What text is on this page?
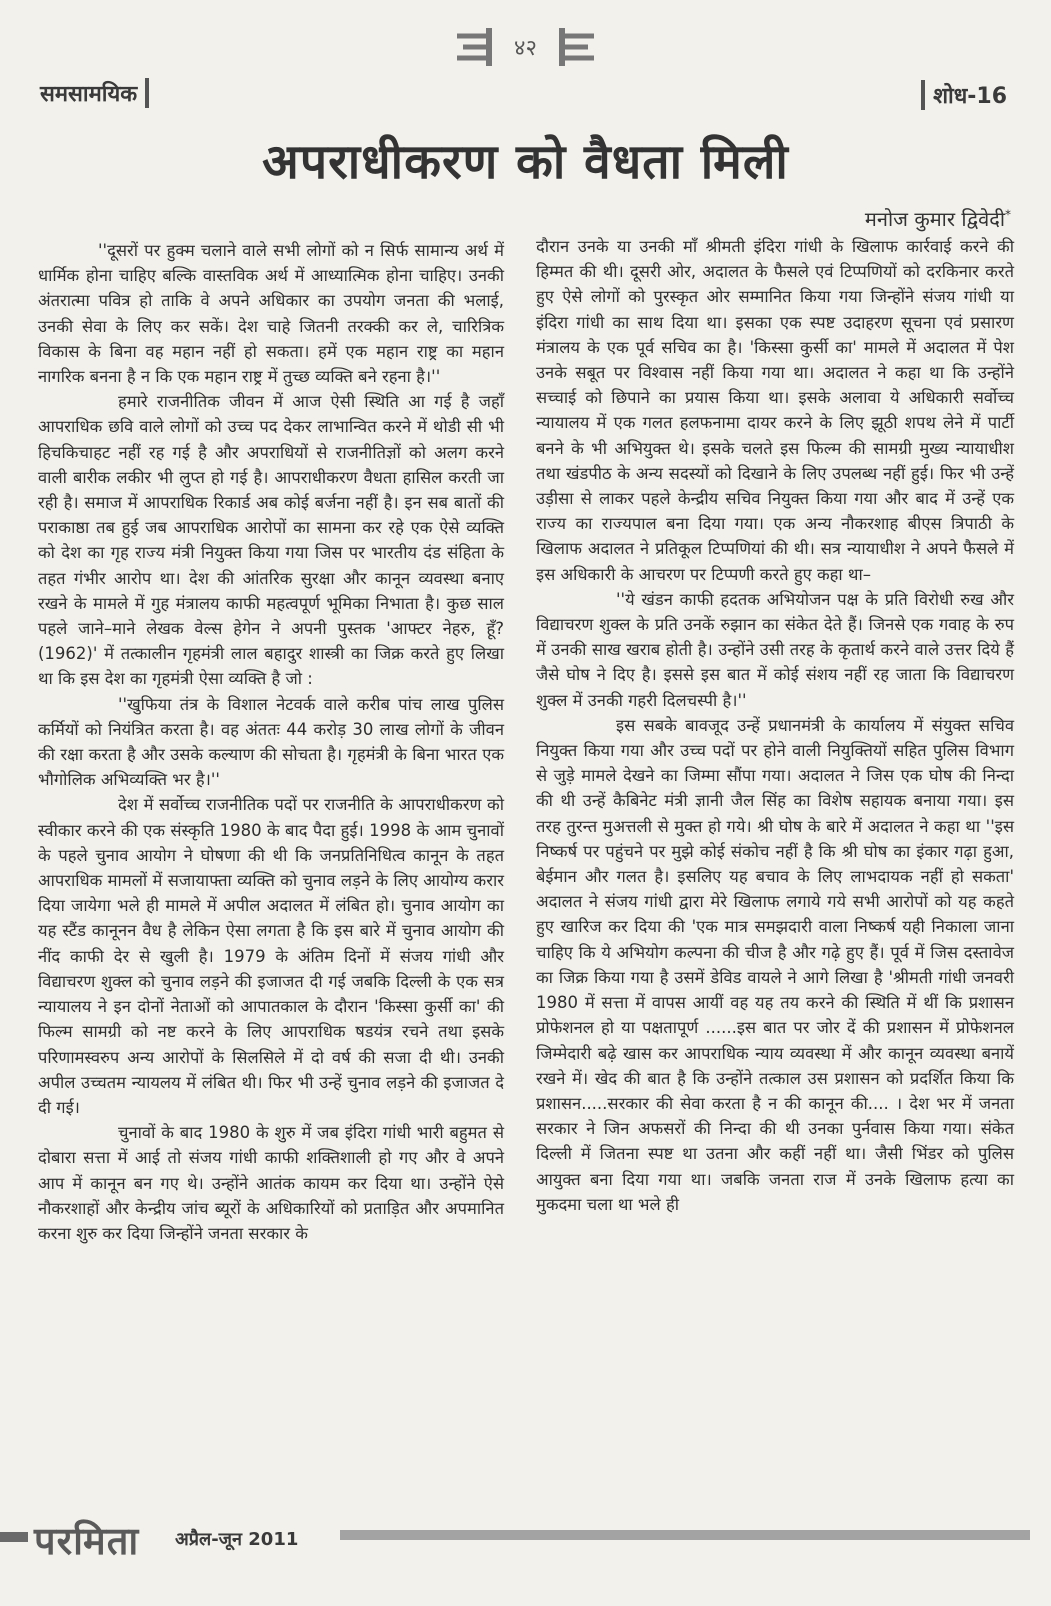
४२
समसामयिक	शोध-16
अपराधीकरण को वैधता मिली
मनोज कुमार द्विवेदी*

''दूसरों पर हुक्म चलाने वाले सभी लोगों को न सिर्फ सामान्य अर्थ में धार्मिक होना चाहिए बल्कि वास्तविक अर्थ में आध्यात्मिक होना चाहिए। उनकी अंतरात्मा पवित्र हो ताकि वे अपने अधिकार का उपयोग जनता की भलाई, उनकी सेवा के लिए कर सकें। देश चाहे जितनी तरक्की कर ले, चारित्रिक विकास के बिना वह महान नहीं हो सकता। हमें एक महान राष्ट्र का महान नागरिक बनना है न कि एक महान राष्ट्र में तुच्छ व्यक्ति बने रहना है।''

हमारे राजनीतिक जीवन में आज ऐसी स्थिति आ गई है जहाँ आपराधिक छवि वाले लोगों को उच्च पद देकर लाभान्वित करने में थोडी सी भी हिचकिचाहट नहीं रह गई है और अपराधियों से राजनीतिज्ञों को अलग करने वाली बारीक लकीर भी लुप्त हो गई है। आपराधीकरण वैधता हासिल करती जा रही है। समाज में आपराधिक रिकार्ड अब कोई बर्जना नहीं है। इन सब बातों की पराकाष्ठा तब हुई जब आपराधिक आरोपों का सामना कर रहे एक ऐसे व्यक्ति को देश का गृह राज्य मंत्री नियुक्त किया गया जिस पर भारतीय दंड संहिता के तहत गंभीर आरोप था। देश की आंतरिक सुरक्षा और कानून व्यवस्था बनाए रखने के मामले में गुह मंत्रालय काफी महत्वपूर्ण भूमिका निभाता है। कुछ साल पहले जाने–माने लेखक वेल्स हेगेन ने अपनी पुस्तक 'आफ्टर नेहरु, हूँ? (1962)' में तत्कालीन गृहमंत्री लाल बहादुर शास्त्री का जिक्र करते हुए लिखा था कि इस देश का गृहमंत्री ऐसा व्यक्ति है जो :

''खुफिया तंत्र के विशाल नेटवर्क वाले करीब पांच लाख पुलिस कर्मियों को नियंत्रित करता है। वह अंततः 44 करोड़ 30 लाख लोगों के जीवन की रक्षा करता है और उसके कल्याण की सोचता है। गृहमंत्री के बिना भारत एक भौगोलिक अभिव्यक्ति भर है।''

देश में सर्वोच्च राजनीतिक पदों पर राजनीति के आपराधीकरण को स्वीकार करने की एक संस्कृति 1980 के बाद पैदा हुई। 1998 के आम चुनावों के पहले चुनाव आयोग ने घोषणा की थी कि जनप्रतिनिधित्व कानून के तहत आपराधिक मामलों में सजायाफ्ता व्यक्ति को चुनाव लड़ने के लिए आयोग्य करार दिया जायेगा भले ही मामले में अपील अदालत में लंबित हो। चुनाव आयोग का यह स्टैंड कानूनन वैध है लेकिन ऐसा लगता है कि इस बारे में चुनाव आयोग की नींद काफी देर से खुली है। 1979 के अंतिम दिनों में संजय गांधी और विद्याचरण शुक्ल को चुनाव लड़ने की इजाजत दी गई जबकि दिल्ली के एक सत्र न्यायालय ने इन दोनों नेताओं को आपातकाल के दौरान 'किस्सा कुर्सी का' की फिल्म सामग्री को नष्ट करने के लिए आपराधिक षडयंत्र रचने तथा इसके परिणामस्वरुप अन्य आरोपों के सिलसिले में दो वर्ष की सजा दी थी। उनकी अपील उच्चतम न्यायलय में लंबित थी। फिर भी उन्हें चुनाव लड़ने की इजाजत दे दी गई।

चुनावों के बाद 1980 के शुरु में जब इंदिरा गांधी भारी बहुमत से दोबारा सत्ता में आई तो संजय गांधी काफी शक्तिशाली हो गए और वे अपने आप में कानून बन गए थे। उन्होंने आतंक कायम कर दिया था। उन्होंने ऐसे नौकरशाहों और केन्द्रीय जांच ब्यूरों के अधिकारियों को प्रताड़ित और अपमानित करना शुरु कर दिया जिन्होंने जनता सरकार के

दौरान उनके या उनकी माँ श्रीमती इंदिरा गांधी के खिलाफ कार्रवाई करने की हिम्मत की थी। दूसरी ओर, अदालत के फैसले एवं टिप्पणियों को दरकिनार करते हुए ऐसे लोगों को पुरस्कृत ओर सम्मानित किया गया जिन्होंने संजय गांधी या इंदिरा गांधी का साथ दिया था। इसका एक स्पष्ट उदाहरण सूचना एवं प्रसारण मंत्रालय के एक पूर्व सचिव का है। 'किस्सा कुर्सी का' मामले में अदालत में पेश उनके सबूत पर विश्वास नहीं किया गया था। अदालत ने कहा था कि उन्होंने सच्चाई को छिपाने का प्रयास किया था। इसके अलावा ये अधिकारी सर्वोच्च न्यायालय में एक गलत हलफनामा दायर करने के लिए झूठी शपथ लेने में पार्टी बनने के भी अभियुक्त थे। इसके चलते इस फिल्म की सामग्री मुख्य न्यायाधीश तथा खंडपीठ के अन्य सदस्यों को दिखाने के लिए उपलब्ध नहीं हुई। फिर भी उन्हें उड़ीसा से लाकर पहले केन्द्रीय सचिव नियुक्त किया गया और बाद में उन्हें एक राज्य का राज्यपाल बना दिया गया। एक अन्य नौकरशाह बीएस त्रिपाठी के खिलाफ अदालत ने प्रतिकूल टिप्पणियां की थी। सत्र न्यायाधीश ने अपने फैसले में इस अधिकारी के आचरण पर टिप्पणी करते हुए कहा था–

''ये खंडन काफी हदतक अभियोजन पक्ष के प्रति विरोधी रुख और विद्याचरण शुक्ल के प्रति उनकें रुझान का संकेत देते हैं। जिनसे एक गवाह के रुप में उनकी साख खराब होती है। उन्होंने उसी तरह के कृतार्थ करने वाले उत्तर दिये हैं जैसे घोष ने दिए है। इससे इस बात में कोई संशय नहीं रह जाता कि विद्याचरण शुक्ल में उनकी गहरी दिलचस्पी है।''

इस सबके बावजूद उन्हें प्रधानमंत्री के कार्यालय में संयुक्त सचिव नियुक्त किया गया और उच्च पदों पर होने वाली नियुक्तियों सहित पुलिस विभाग से जुड़े मामले देखने का जिम्मा सौंपा गया। अदालत ने जिस एक घोष की निन्दा की थी उन्हें कैबिनेट मंत्री ज्ञानी जैल सिंह का विशेष सहायक बनाया गया। इस तरह तुरन्त मुअत्तली से मुक्त हो गये। श्री घोष के बारे में अदालत ने कहा था ''इस निष्कर्ष पर पहुंचने पर मुझे कोई संकोच नहीं है कि श्री घोष का इंकार गढ़ा हुआ, बेईमान और गलत है। इसलिए यह बचाव के लिए लाभदायक नहीं हो सकता' अदालत ने संजय गांधी द्वारा मेरे खिलाफ लगाये गये सभी आरोपों को यह कहते हुए खारिज कर दिया की 'एक मात्र समझदारी वाला निष्कर्ष यही निकाला जाना चाहिए कि ये अभियोग कल्पना की चीज है और गढ़े हुए हैं। पूर्व में जिस दस्तावेज का जिक्र किया गया है उसमें डेविड वायले ने आगे लिखा है 'श्रीमती गांधी जनवरी 1980 में सत्ता में वापस आयीं वह यह तय करने की स्थिति में थीं कि प्रशासन प्रोफेशनल हो या पक्षतापूर्ण ......इस बात पर जोर दें की प्रशासन में प्रोफेशनल जिम्मेदारी बढ़े खास कर आपराधिक न्याय व्यवस्था में और कानून व्यवस्था बनायें रखने में। खेद की बात है कि उन्होंने तत्काल उस प्रशासन को प्रदर्शित किया कि प्रशासन.....सरकार की सेवा करता है न की कानून की.... । देश भर में जनता सरकार ने जिन अफसरों की निन्दा की थी उनका पुर्नवास किया गया। संकेत दिल्ली में जितना स्पष्ट था उतना और कहीं नहीं था। जैसी भिंडर को पुलिस आयुक्त बना दिया गया था। जबकि जनता राज में उनके खिलाफ हत्या का मुकदमा चला था भले ही

परमिता अप्रैल-जून 2011
